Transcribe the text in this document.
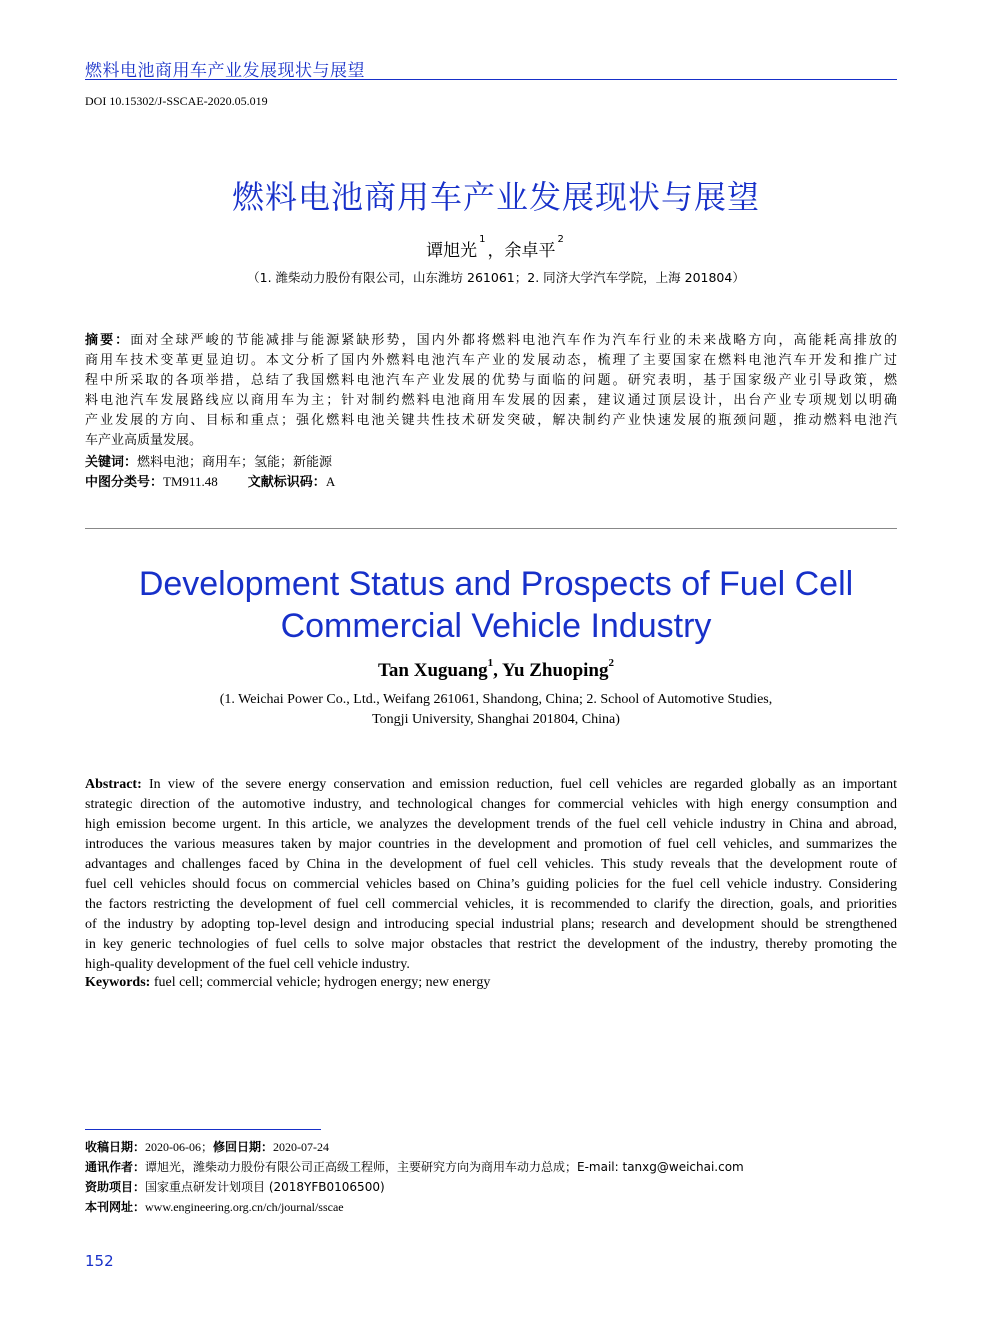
燃料电池商用车产业发展现状与展望
DOI 10.15302/J-SSCAE-2020.05.019
燃料电池商用车产业发展现状与展望
谭旭光$^1$，余卓平$^2$
（1. 潍柴动力股份有限公司，山东潍坊 261061；2. 同济大学汽车学院，上海 201804）
摘要：面对全球严峻的节能减排与能源紧缺形势，国内外都将燃料电池汽车作为汽车行业的未来战略方向，高能耗高排放的
商用车技术变革更显迫切。本文分析了国内外燃料电池汽车产业的发展动态，梳理了主要国家在燃料电池汽车开发和推广过
程中所采取的各项举措，总结了我国燃料电池汽车产业发展的优势与面临的问题。研究表明，基于国家级产业引导政策，燃
料电池汽车发展路线应以商用车为主；针对制约燃料电池商用车发展的因素，建议通过顶层设计，出台产业专项规划以明确
产业发展的方向、目标和重点；强化燃料电池关键共性技术研发突破，解决制约产业快速发展的瓶颈问题，推动燃料电池汽
车产业高质量发展。
关键词：燃料电池；商用车；氢能；新能源
中图分类号：TM911.48 文献标识码：A
Development Status and Prospects of Fuel Cell
Commercial Vehicle Industry
Tan Xuguang$^1$, Yu Zhuoping$^2$
(1. Weichai Power Co., Ltd., Weifang 261061, Shandong, China; 2. School of Automotive Studies,
Tongji University, Shanghai 201804, China)
Abstract: In view of the severe energy conservation and emission reduction, fuel cell vehicles are regarded globally as an important
strategic direction of the automotive industry, and technological changes for commercial vehicles with high energy consumption and
high emission become urgent. In this article, we analyzes the development trends of the fuel cell vehicle industry in China and abroad,
introduces the various measures taken by major countries in the development and promotion of fuel cell vehicles, and summarizes the
advantages and challenges faced by China in the development of fuel cell vehicles. This study reveals that the development route of
fuel cell vehicles should focus on commercial vehicles based on China’s guiding policies for the fuel cell vehicle industry. Considering
the factors restricting the development of fuel cell commercial vehicles, it is recommended to clarify the direction, goals, and priorities
of the industry by adopting top-level design and introducing special industrial plans; research and development should be strengthened
in key generic technologies of fuel cells to solve major obstacles that restrict the development of the industry, thereby promoting the
high-quality development of the fuel cell vehicle industry.
Keywords: fuel cell; commercial vehicle; hydrogen energy; new energy
收稿日期：2020-06-06；修回日期：2020-07-24
通讯作者：谭旭光，潍柴动力股份有限公司正高级工程师，主要研究方向为商用车动力总成；E-mail: tanxg@weichai.com
资助项目：国家重点研发计划项目 (2018YFB0106500)
本刊网址：www.engineering.org.cn/ch/journal/sscae
152
